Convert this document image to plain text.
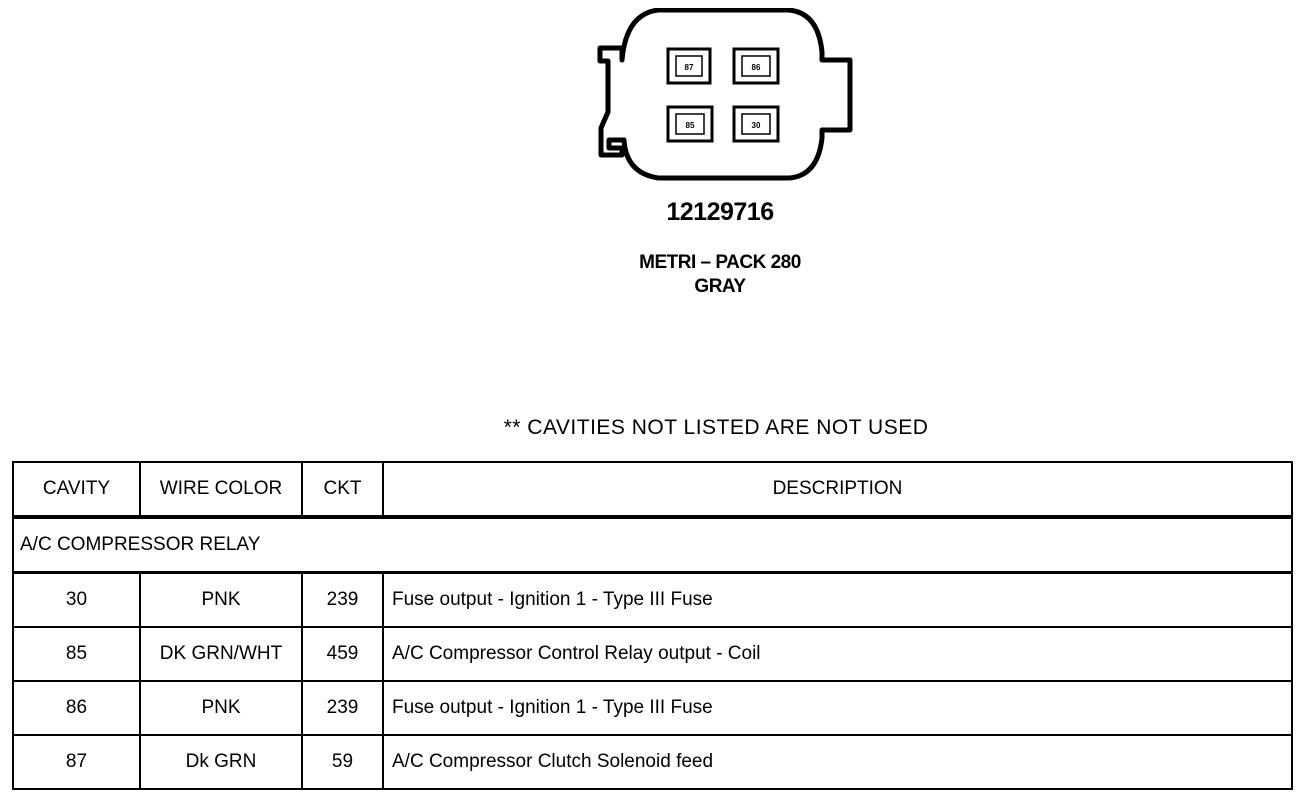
87	86
85	30
12129716
METRI – PACK 280
GRAY
** CAVITIES NOT LISTED ARE NOT USED
CAVITY	WIRE COLOR	CKT	DESCRIPTION
A/C COMPRESSOR RELAY			
30	PNK	239	Fuse output - Ignition 1 - Type III Fuse
85	DK GRN/WHT	459	A/C Compressor Control Relay output - Coil
86	PNK	239	Fuse output - Ignition 1 - Type III Fuse
87	Dk GRN	59	A/C Compressor Clutch Solenoid feed
